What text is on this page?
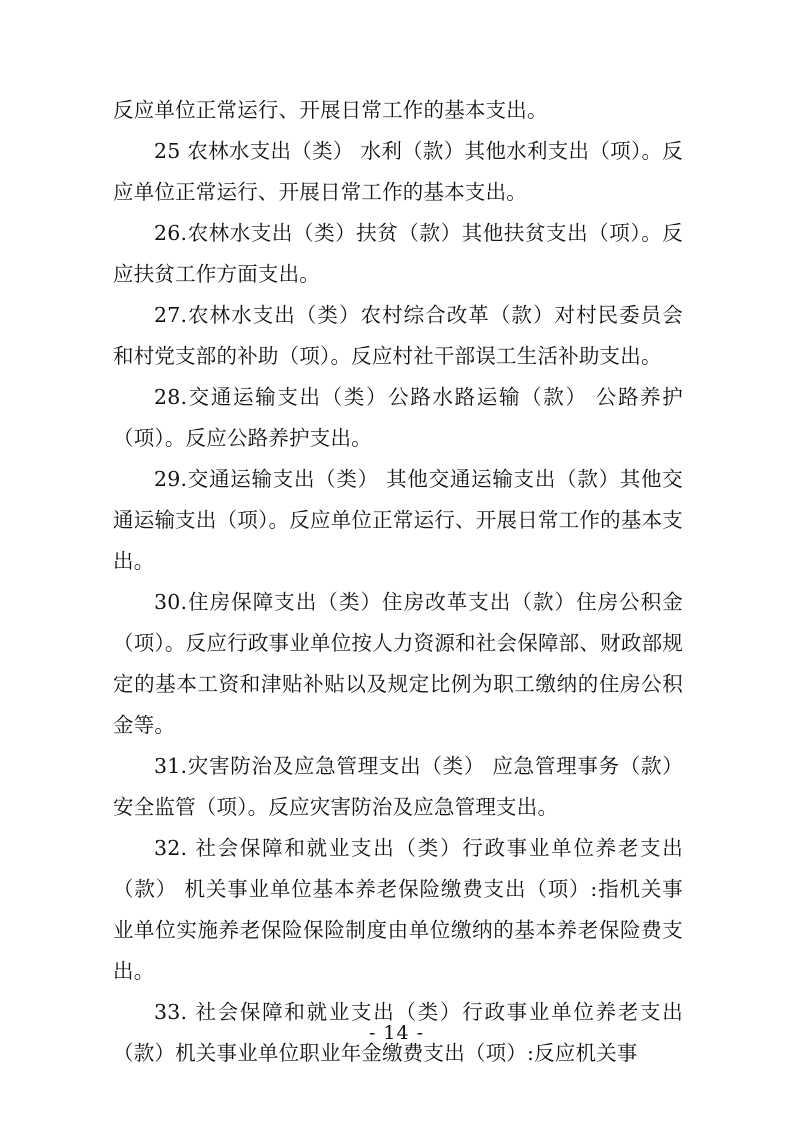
反应单位正常运行、开展日常工作的基本支出。

25 农林水支出（类） 水利（款）其他水利支出（项）。反应单位正常运行、开展日常工作的基本支出。

26.农林水支出（类）扶贫（款）其他扶贫支出（项）。反应扶贫工作方面支出。

27.农林水支出（类）农村综合改革（款）对村民委员会和村党支部的补助（项）。反应村社干部误工生活补助支出。

28.交通运输支出（类）公路水路运输（款） 公路养护（项）。反应公路养护支出。

29.交通运输支出（类） 其他交通运输支出（款）其他交通运输支出（项）。反应单位正常运行、开展日常工作的基本支出。

30.住房保障支出（类）住房改革支出（款）住房公积金（项）。反应行政事业单位按人力资源和社会保障部、财政部规定的基本工资和津贴补贴以及规定比例为职工缴纳的住房公积金等。

31.灾害防治及应急管理支出（类） 应急管理事务（款）安全监管（项）。反应灾害防治及应急管理支出。

32. 社会保障和就业支出（类）行政事业单位养老支出（款） 机关事业单位基本养老保险缴费支出（项）:指机关事业单位实施养老保险保险制度由单位缴纳的基本养老保险费支出。

33. 社会保障和就业支出（类）行政事业单位养老支出（款）机关事业单位职业年金缴费支出（项）:反应机关事

- 14 -
